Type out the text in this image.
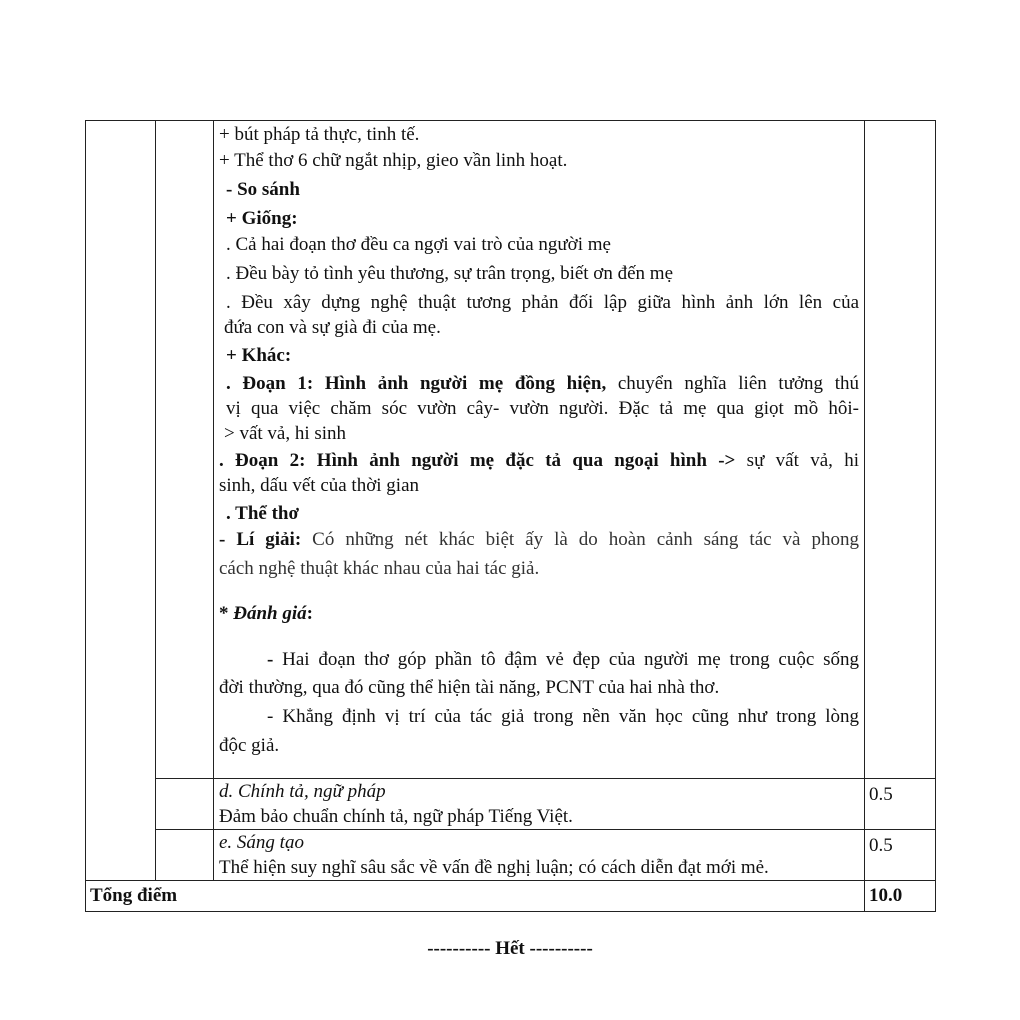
+ bút pháp tả thực, tinh tế.
+ Thể thơ 6 chữ ngắt nhịp, gieo vần linh hoạt.
- So sánh
+ Giống:
. Cả hai đoạn thơ đều ca ngợi vai trò của người mẹ
. Đều bày tỏ tình yêu thương, sự trân trọng, biết ơn đến mẹ
. Đều xây dựng nghệ thuật tương phản đối lập giữa hình ảnh lớn lên của
đứa con và sự già đi của mẹ.
+ Khác:
. Đoạn 1: Hình ảnh người mẹ đồng hiện, chuyển nghĩa liên tưởng thú
vị qua việc chăm sóc vườn cây- vườn người. Đặc tả mẹ qua giọt mồ hôi-
> vất vả, hi sinh
. Đoạn 2: Hình ảnh người mẹ đặc tả qua ngoại hình -> sự vất vả, hi
sinh, dấu vết của thời gian
. Thể thơ
- Lí giải: Có những nét khác biệt ấy là do hoàn cảnh sáng tác và phong
cách nghệ thuật khác nhau của hai tác giả.
* Đánh giá:
- Hai đoạn thơ góp phần tô đậm vẻ đẹp của người mẹ trong cuộc sống
đời thường, qua đó cũng thể hiện tài năng, PCNT của hai nhà thơ.
- Khẳng định vị trí của tác giả trong nền văn học cũng như trong lòng
độc giả.
d. Chính tả, ngữ pháp
Đảm bảo chuẩn chính tả, ngữ pháp Tiếng Việt.
0.5
e. Sáng tạo
Thể hiện suy nghĩ sâu sắc về vấn đề nghị luận; có cách diễn đạt mới mẻ.
0.5
Tổng điểm	10.0
---------- Hết ----------
